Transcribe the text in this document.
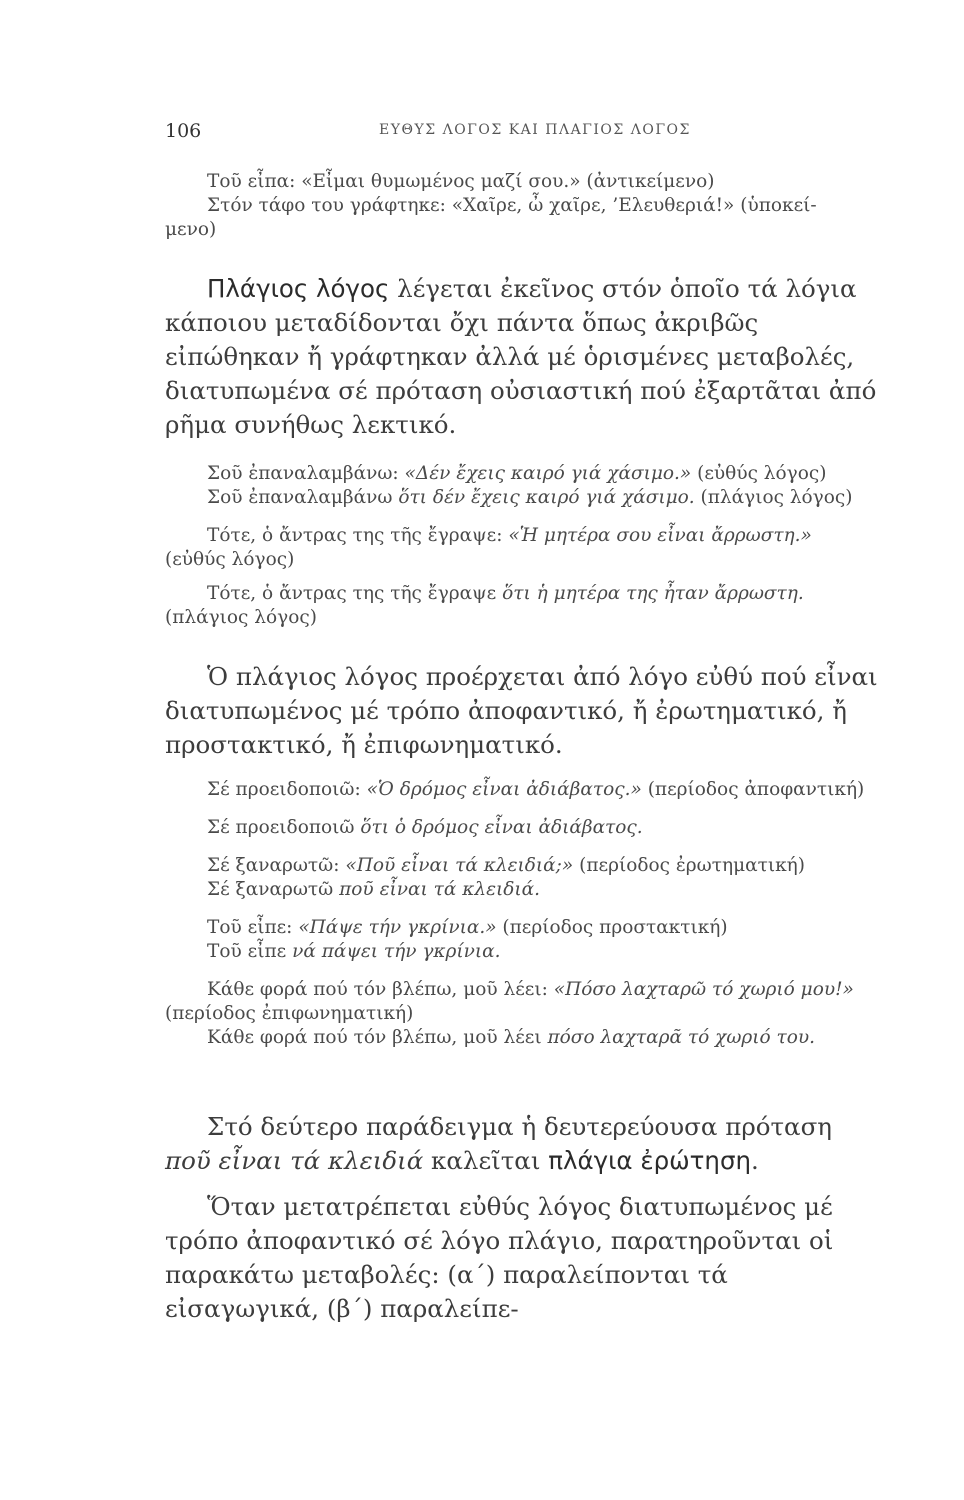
106	ΕΥΘΥΣ ΛΟΓΟΣ ΚΑΙ ΠΛΑΓΙΟΣ ΛΟΓΟΣ

Τοῦ εἶπα: «Εἶμαι θυμωμένος μαζί σου.» (ἀντικείμενο)

Στόν τάφο του γράφτηκε: «Χαῖρε, ὦ χαῖρε, ’Ελευθεριά!» (ὑποκεί-

μενο)

Πλάγιος λόγος λέγεται ἐκεῖνος στόν ὁποῖο τά λόγια κάποιου μεταδίδονται ὄχι πάντα ὅπως ἀκριβῶς εἰπώθηκαν ἤ γράφτηκαν ἀλλά μέ ὁρισμένες μεταβολές, διατυπωμένα σέ πρόταση οὐσιαστική πού ἐξαρτᾶται ἀπό ρῆμα συνήθως λεκτικό.

Σοῦ ἐπαναλαμβάνω: «Δέν ἔχεις καιρό γιά χάσιμο.» (εὐθύς λόγος)

Σοῦ ἐπαναλαμβάνω ὅτι δέν ἔχεις καιρό γιά χάσιμο. (πλάγιος λόγος)

Τότε, ὁ ἄντρας της τῆς ἔγραψε: «Ἡ μητέρα σου εἶναι ἄρρωστη.»

(εὐθύς λόγος)

Τότε, ὁ ἄντρας της τῆς ἔγραψε ὅτι ἡ μητέρα της ἦταν ἄρρωστη.

(πλάγιος λόγος)

Ὁ πλάγιος λόγος προέρχεται ἀπό λόγο εὐθύ πού εἶναι διατυπωμένος μέ τρόπο ἀποφαντικό, ἤ ἐρωτηματικό, ἤ προστακτικό, ἤ ἐπιφωνηματικό.

Σέ προειδοποιῶ: «Ὁ δρόμος εἶναι ἀδιάβατος.» (περίοδος ἀποφαντική)

Σέ προειδοποιῶ ὅτι ὁ δρόμος εἶναι ἀδιάβατος.

Σέ ξαναρωτῶ: «Ποῦ εἶναι τά κλειδιά;» (περίοδος ἐρωτηματική)

Σέ ξαναρωτῶ ποῦ εἶναι τά κλειδιά.

Τοῦ εἶπε: «Πάψε τήν γκρίνια.» (περίοδος προστακτική)

Τοῦ εἶπε νά πάψει τήν γκρίνια.

Κάθε φορά πού τόν βλέπω, μοῦ λέει: «Πόσο λαχταρῶ τό χωριό μου!»

(περίοδος ἐπιφωνηματική)

Κάθε φορά πού τόν βλέπω, μοῦ λέει πόσο λαχταρᾶ τό χωριό του.

Στό δεύτερο παράδειγμα ἡ δευτερεύουσα πρόταση ποῦ εἶναι τά κλειδιά καλεῖται πλάγια ἐρώτηση.

Ὅταν μετατρέπεται εὐθύς λόγος διατυπωμένος μέ τρόπο ἀποφαντικό σέ λόγο πλάγιο, παρατηροῦνται οἱ παρακάτω μεταβολές: (α΄) παραλείπονται τά εἰσαγωγικά, (β΄) παραλείπε-
